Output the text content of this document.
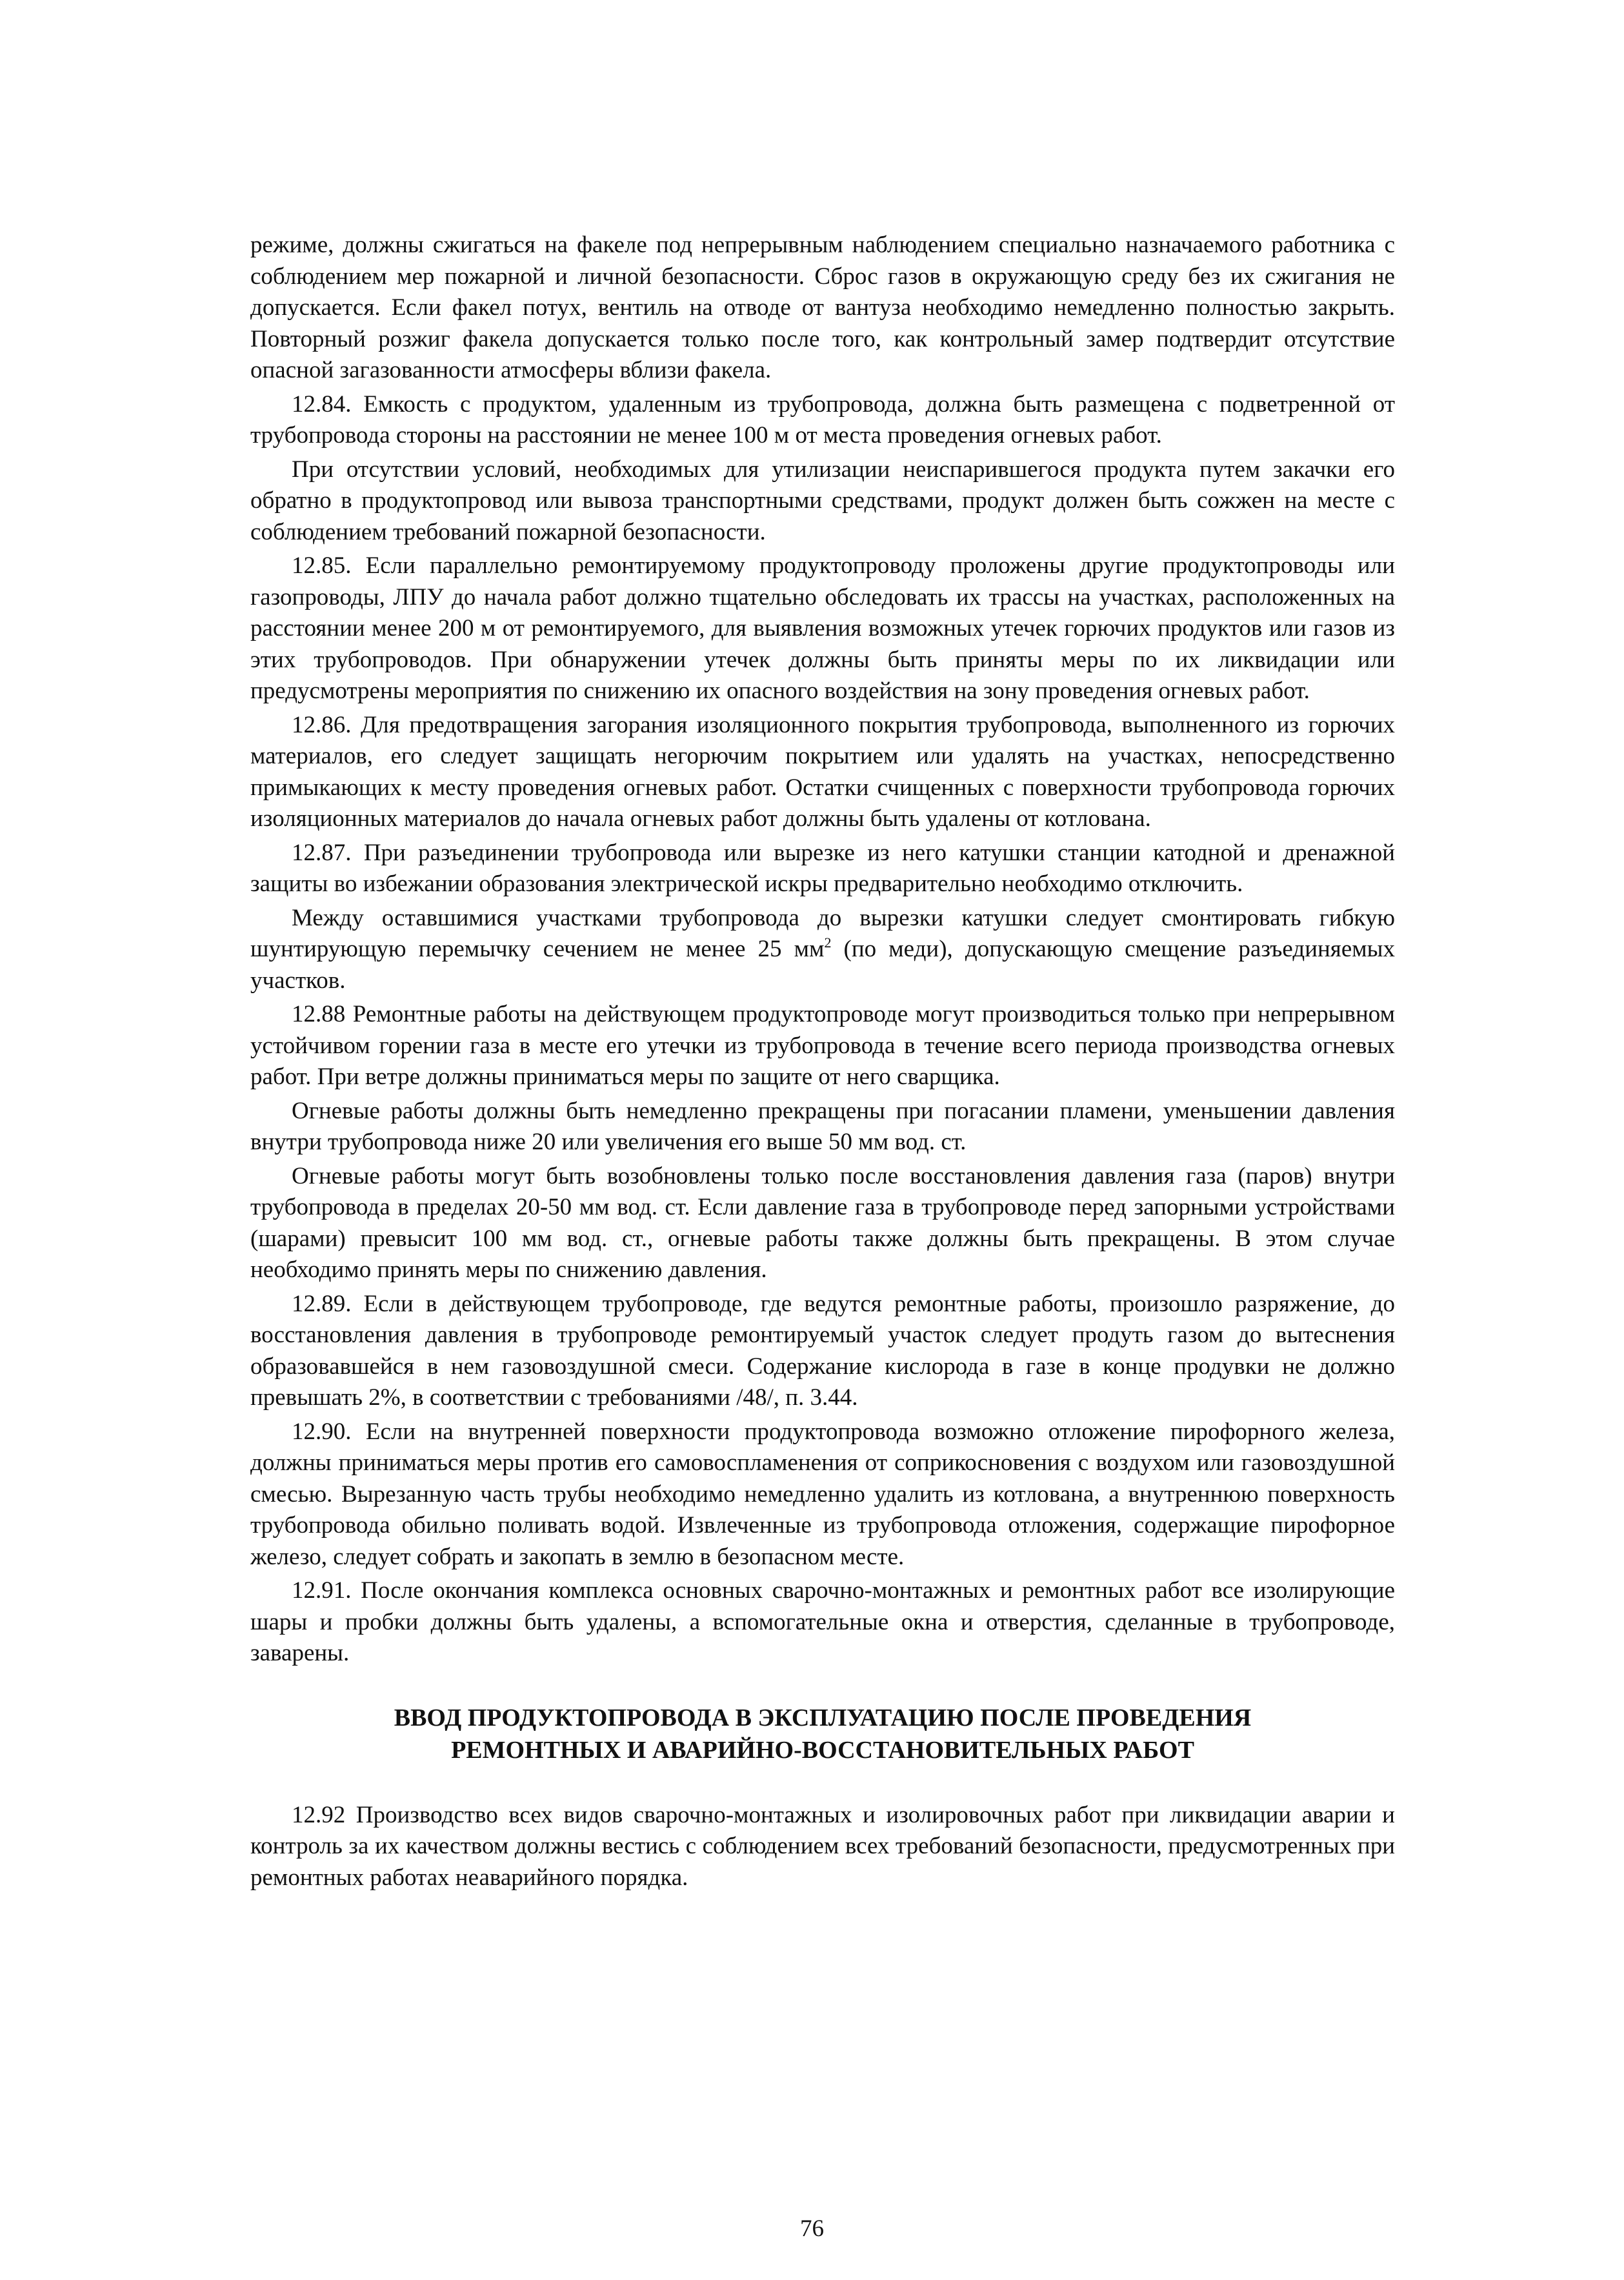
режиме, должны сжигаться на факеле под непрерывным наблюдением специально назначаемого работника с соблюдением мер пожарной и личной безопасности. Сброс газов в окружающую среду без их сжигания не допускается. Если факел потух, вентиль на отводе от вантуза необходимо немедленно полностью закрыть. Повторный розжиг факела допускается только после того, как контрольный замер подтвердит отсутствие опасной загазованности атмосферы вблизи факела.

12.84. Емкость с продуктом, удаленным из трубопровода, должна быть размещена с подветренной от трубопровода стороны на расстоянии не менее 100 м от места проведения огневых работ.

При отсутствии условий, необходимых для утилизации неиспарившегося продукта путем закачки его обратно в продуктопровод или вывоза транспортными средствами, продукт должен быть сожжен на месте с соблюдением требований пожарной безопасности.

12.85. Если параллельно ремонтируемому продуктопроводу проложены другие продуктопроводы или газопроводы, ЛПУ до начала работ должно тщательно обследовать их трассы на участках, расположенных на расстоянии менее 200 м от ремонтируемого, для выявления возможных утечек горючих продуктов или газов из этих трубопроводов. При обнаружении утечек должны быть приняты меры по их ликвидации или предусмотрены мероприятия по снижению их опасного воздействия на зону проведения огневых работ.

12.86. Для предотвращения загорания изоляционного покрытия трубопровода, выполненного из горючих материалов, его следует защищать негорючим покрытием или удалять на участках, непосредственно примыкающих к месту проведения огневых работ. Остатки счищенных с поверхности трубопровода горючих изоляционных материалов до начала огневых работ должны быть удалены от котлована.

12.87. При разъединении трубопровода или вырезке из него катушки станции катодной и дренажной защиты во избежании образования электрической искры предварительно необходимо отключить.

Между оставшимися участками трубопровода до вырезки катушки следует смонтировать гибкую шунтирующую перемычку сечением не менее 25 $мм^2$ (по меди), допускающую смещение разъединяемых участков.

12.88 Ремонтные работы на действующем продуктопроводе могут производиться только при непрерывном устойчивом горении газа в месте его утечки из трубопровода в течение всего периода производства огневых работ. При ветре должны приниматься меры по защите от него сварщика.

Огневые работы должны быть немедленно прекращены при погасании пламени, уменьшении давления внутри трубопровода ниже 20 или увеличения его выше 50 мм вод. ст.

Огневые работы могут быть возобновлены только после восстановления давления газа (паров) внутри трубопровода в пределах 20-50 мм вод. ст. Если давление газа в трубопроводе перед запорными устройствами (шарами) превысит 100 мм вод. ст., огневые работы также должны быть прекращены. В этом случае необходимо принять меры по снижению давления.

12.89. Если в действующем трубопроводе, где ведутся ремонтные работы, произошло разряжение, до восстановления давления в трубопроводе ремонтируемый участок следует продуть газом до вытеснения образовавшейся в нем газовоздушной смеси. Содержание кислорода в газе в конце продувки не должно превышать 2%, в соответствии с требованиями /48/, п. 3.44.

12.90. Если на внутренней поверхности продуктопровода возможно отложение пирофорного железа, должны приниматься меры против его самовоспламенения от соприкосновения с воздухом или газовоздушной смесью. Вырезанную часть трубы необходимо немедленно удалить из котлована, а внутреннюю поверхность трубопровода обильно поливать водой. Извлеченные из трубопровода отложения, содержащие пирофорное железо, следует собрать и закопать в землю в безопасном месте.

12.91. После окончания комплекса основных сварочно-монтажных и ремонтных работ все изолирующие шары и пробки должны быть удалены, а вспомогательные окна и отверстия, сделанные в трубопроводе, заварены.

ВВОД ПРОДУКТОПРОВОДА В ЭКСПЛУАТАЦИЮ ПОСЛЕ ПРОВЕДЕНИЯ
РЕМОНТНЫХ И АВАРИЙНО-ВОССТАНОВИТЕЛЬНЫХ РАБОТ

12.92 Производство всех видов сварочно-монтажных и изолировочных работ при ликвидации аварии и контроль за их качеством должны вестись с соблюдением всех требований безопасности, предусмотренных при ремонтных работах неаварийного порядка.

76
